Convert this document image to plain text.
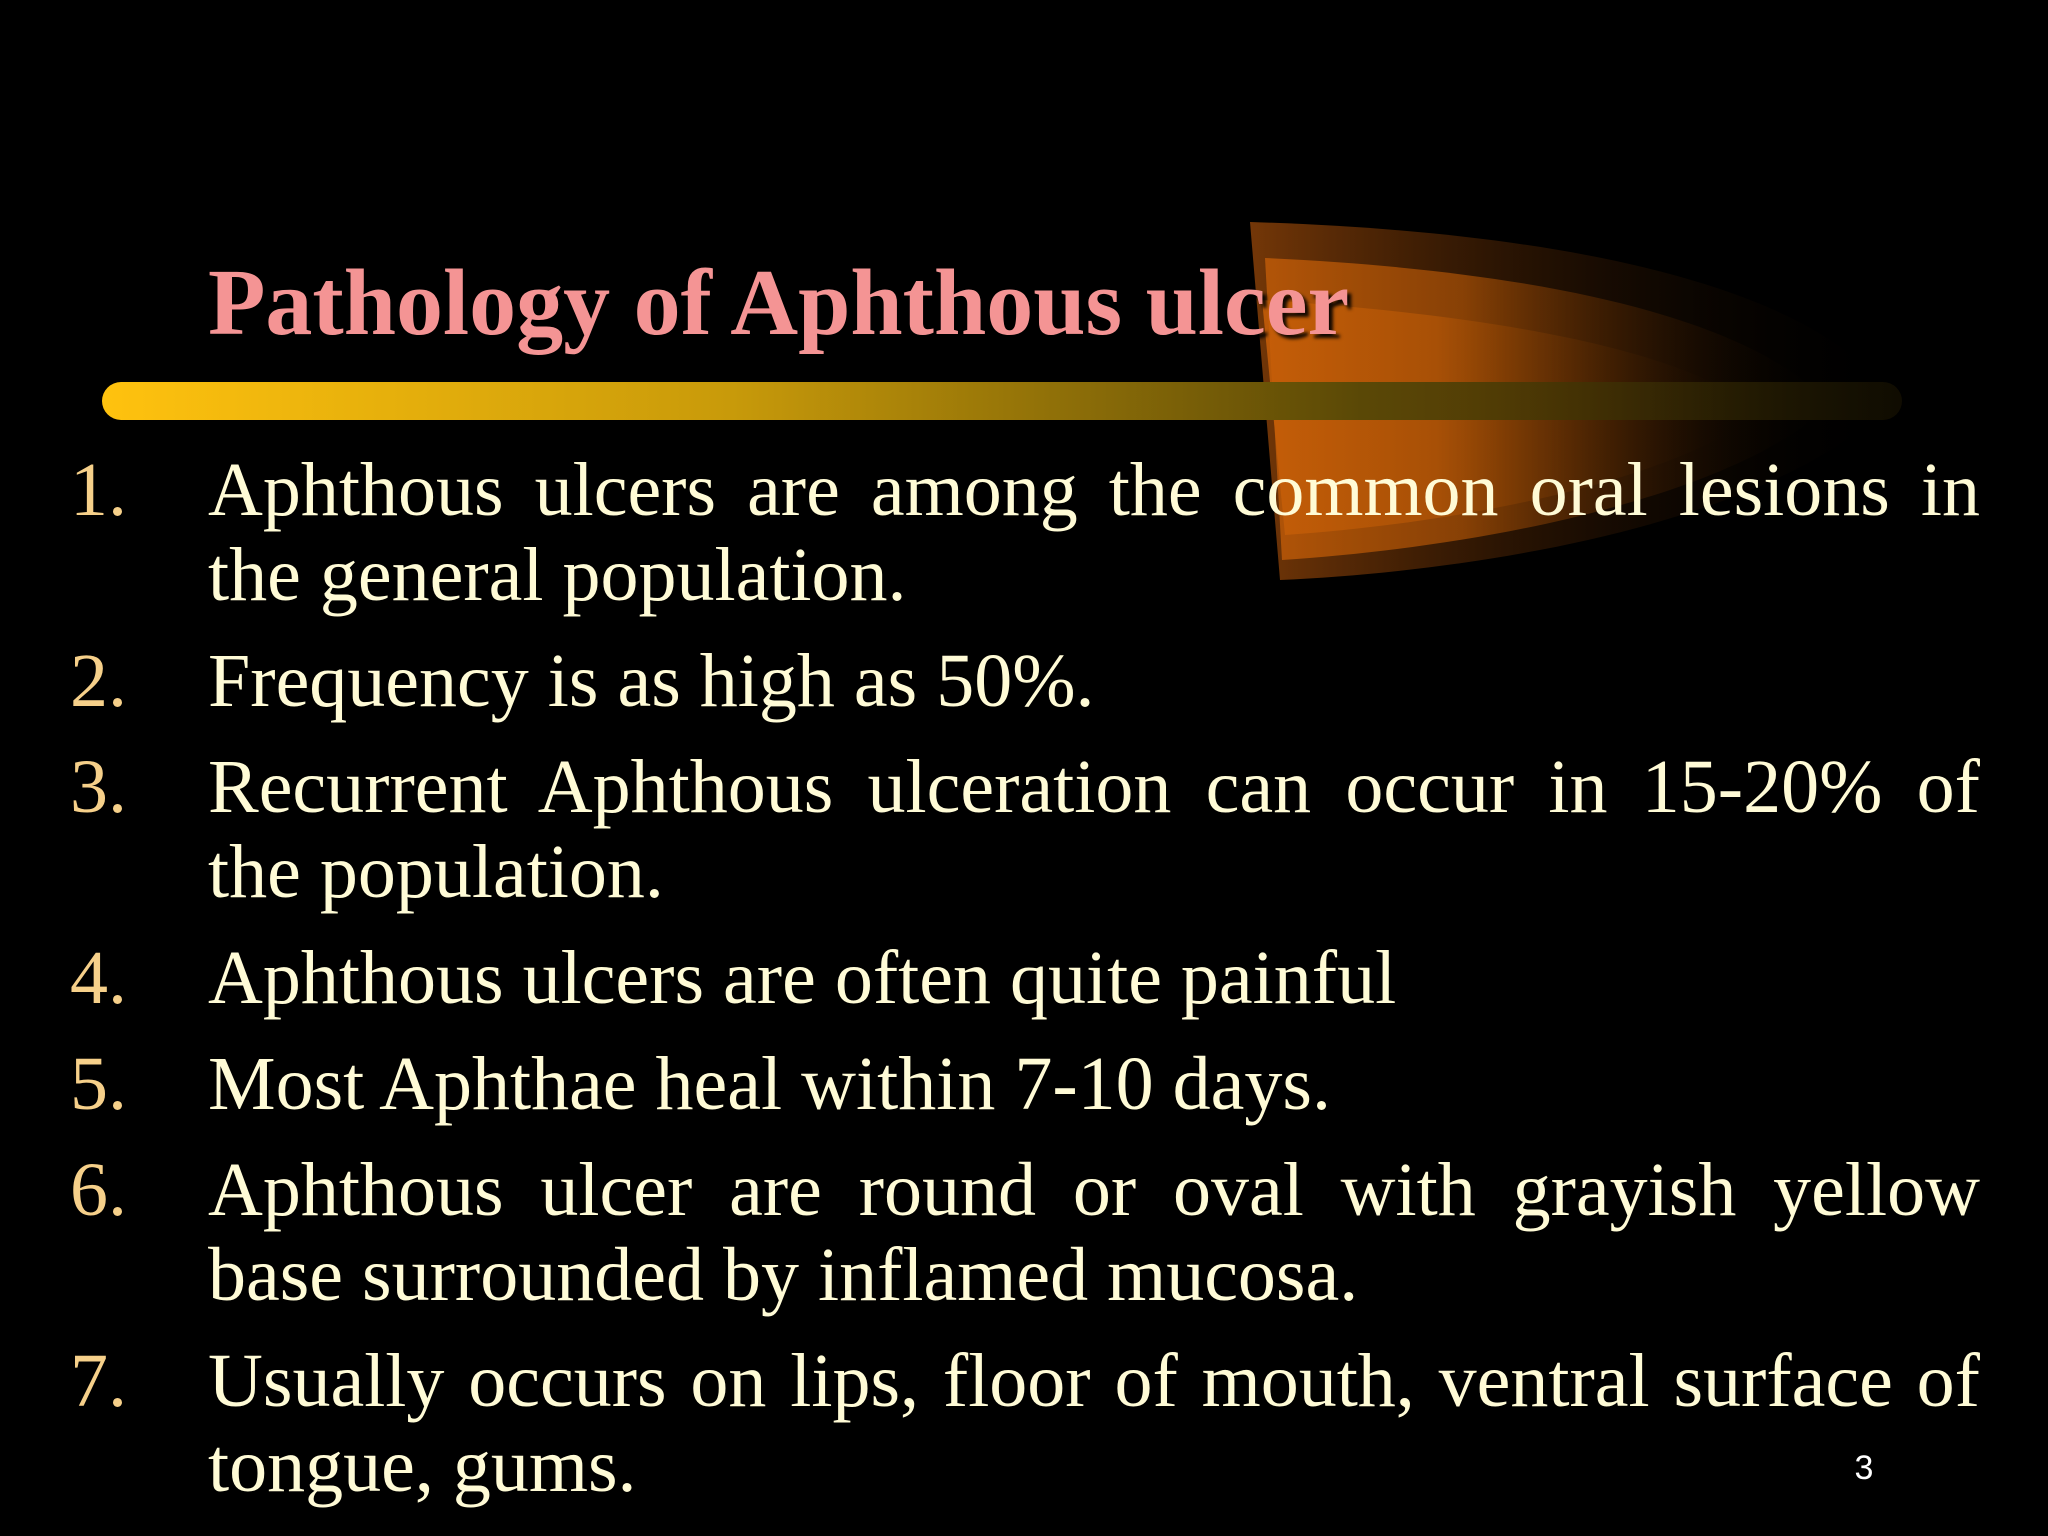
Pathology of Aphthous ulcer
1. Aphthous ulcers are among the common oral lesions in the general population.
2. Frequency is as high as 50%.
3. Recurrent Aphthous ulceration can occur in 15-20% of the population.
4. Aphthous ulcers are often quite painful
5. Most Aphthae heal within 7-10 days.
6. Aphthous ulcer are round or oval with grayish yellow base surrounded by inflamed mucosa.
7. Usually occurs on lips, floor of mouth, ventral surface of tongue, gums.	3
